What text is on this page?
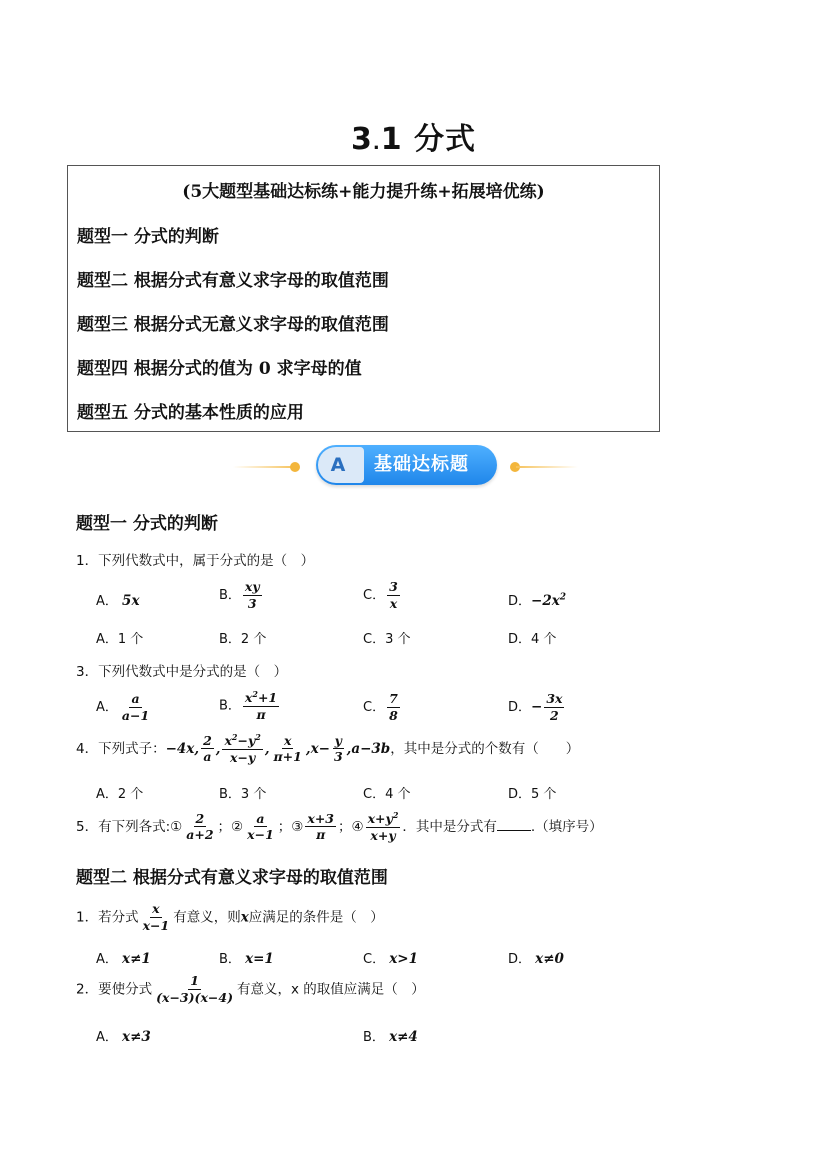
3.1 分式
(5大题型基础达标练+能力提升练+拓展培优练)
题型一 分式的判断
题型二 根据分式有意义求字母的取值范围
题型三 根据分式无意义求字母的取值范围
题型四 根据分式的值为 0 求字母的值
题型五 分式的基本性质的应用
A	基础达标题
题型一 分式的判断
1．下列代数式中，属于分式的是（　）
A． 5x	B． $\frac{xy}{3}$	C． $\frac{3}{x}$	D．$-2x^2$
A．1 个	B．2 个	C．3 个	D．4 个
3．下列代数式中是分式的是（　）
A． $\frac{a}{a-1}$	B． $\frac{x^2+1}{\pi}$	C． $\frac{7}{8}$	D．− $\frac{3x}{2}$
4．下列式子：−4x, $\frac{2}{a}$ , $\frac{x^2-y^2}{x-y}$ , $\frac{x}{\pi+1} ,x- \frac{y}{3} ,a-3b$，其中是分式的个数有（　　）
A．2 个	B．3 个	C．4 个	D．5 个
5．有下列各式:① $\frac{2}{a+2}$ ；② $\frac{a}{x-1}$ ；③ $\frac{x+3}{\pi}$ ；④ $\frac{x+y^2}{x+y}$ ．其中是分式有	.（填序号）
题型二 根据分式有意义求字母的取值范围
1．若分式 $\frac{x}{x-1}$ 有意义，则x应满足的条件是（　）
A． x≠1	B． x=1	C． x>1	D． x≠0
2．要使分式 $\frac{1}{(x-3)(x-4)}$ 有意义，x 的取值应满足（　）
A． x≠3	B． x≠4
